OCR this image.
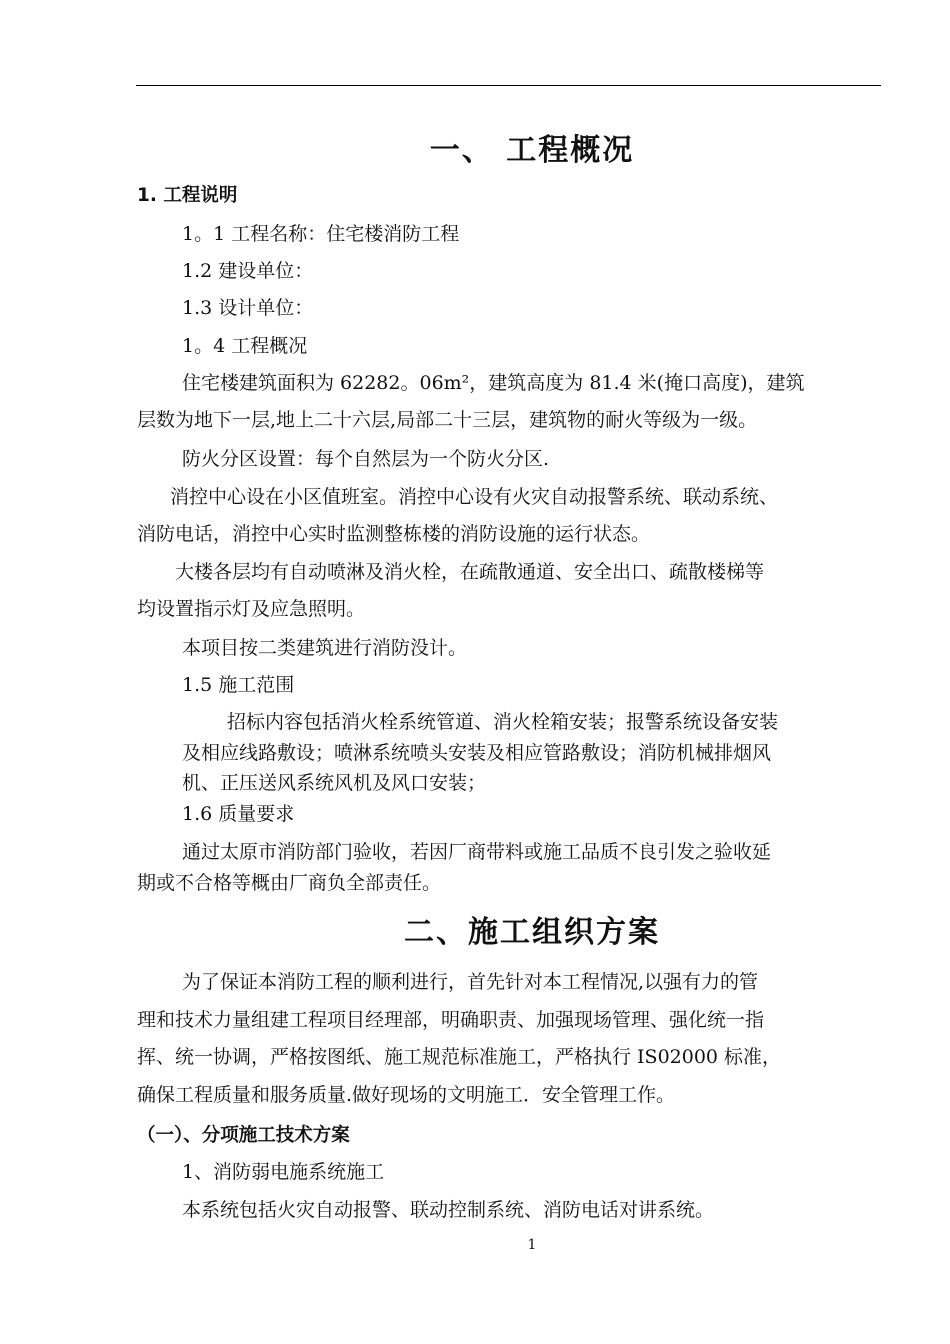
一、 工程概况
1. 工程说明
1。1 工程名称：住宅楼消防工程
1.2 建设单位：
1.3 设计单位：
1。4 工程概况
住宅楼建筑面积为 62282。06m²，建筑高度为 81.4 米(掩口高度)，建筑
层数为地下一层,地上二十六层,局部二十三层，建筑物的耐火等级为一级。
防火分区设置：每个自然层为一个防火分区.
消控中心设在小区值班室。消控中心设有火灾自动报警系统、联动系统、
消防电话，消控中心实时监测整栋楼的消防设施的运行状态。
大楼各层均有自动喷淋及消火栓，在疏散通道、安全出口、疏散楼梯等
均设置指示灯及应急照明。
本项目按二类建筑进行消防没计。
1.5 施工范围
招标内容包括消火栓系统管道、消火栓箱安装；报警系统设备安装
及相应线路敷设；喷淋系统喷头安装及相应管路敷设；消防机械排烟风
机、正压送风系统风机及风口安装；
1.6 质量要求
通过太原市消防部门验收，若因厂商带料或施工品质不良引发之验收延
期或不合格等概由厂商负全部责任。
二、施工组织方案
为了保证本消防工程的顺利进行，首先针对本工程情况,以强有力的管
理和技术力量组建工程项目经理部，明确职责、加强现场管理、强化统一指
挥、统一协调，严格按图纸、施工规范标准施工，严格执行 IS02000 标准，
确保工程质量和服务质量.做好现场的文明施工．安全管理工作。
（一）、分项施工技术方案
1、消防弱电施系统施工
本系统包括火灾自动报警、联动控制系统、消防电话对讲系统。
1
